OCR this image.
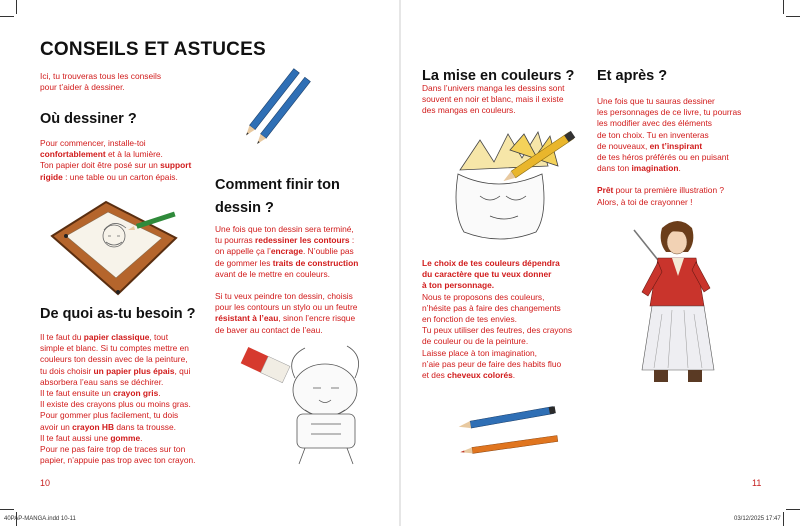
CONSEILS ET ASTUCES

Ici, tu trouveras tous les conseils

pour t’aider à dessiner.

Où dessiner ?

Pour commencer, installe-toi

confortablement et à la lumière.

Ton papier doit être posé sur un support

rigide : une table ou un carton épais.

De quoi as-tu besoin ?

Il te faut du papier classique, tout

simple et blanc. Si tu comptes mettre en

couleurs ton dessin avec de la peinture,

tu dois choisir un papier plus épais, qui

absorbera l’eau sans se déchirer.

Il te faut ensuite un crayon gris.

Il existe des crayons plus ou moins gras.

Pour gommer plus facilement, tu dois

avoir un crayon HB dans ta trousse.

Il te faut aussi une gomme.

Pour ne pas faire trop de traces sur ton

papier, n’appuie pas trop avec ton crayon.

Comment finir ton
dessin ?

Une fois que ton dessin sera terminé,

tu pourras redessiner les contours :

on appelle ça l’encrage. N’oublie pas

de gommer les traits de construction

avant de le mettre en couleurs.

Si tu veux peindre ton dessin, choisis

pour les contours un stylo ou un feutre

résistant à l’eau, sinon l’encre risque

de baver au contact de l’eau.

10
40PAP-MANGA.indd 10-11
La mise en couleurs ?

Dans l’univers manga les dessins sont

souvent en noir et blanc, mais il existe

des mangas en couleurs.

Le choix de tes couleurs dépendra

du caractère que tu veux donner

à ton personnage.

Nous te proposons des couleurs,

n’hésite pas à faire des changements

en fonction de tes envies.

Tu peux utiliser des feutres, des crayons

de couleur ou de la peinture.

Laisse place à ton imagination,

n’aie pas peur de faire des habits fluo

et des cheveux colorés.

Et après ?

Une fois que tu sauras dessiner

les personnages de ce livre, tu pourras

les modifier avec des éléments

de ton choix. Tu en inventeras

de nouveaux, en t’inspirant

de tes héros préférés ou en puisant

dans ton imagination.

Prêt pour ta première illustration ?

Alors, à toi de crayonner !

11
03/12/2025 17:47
